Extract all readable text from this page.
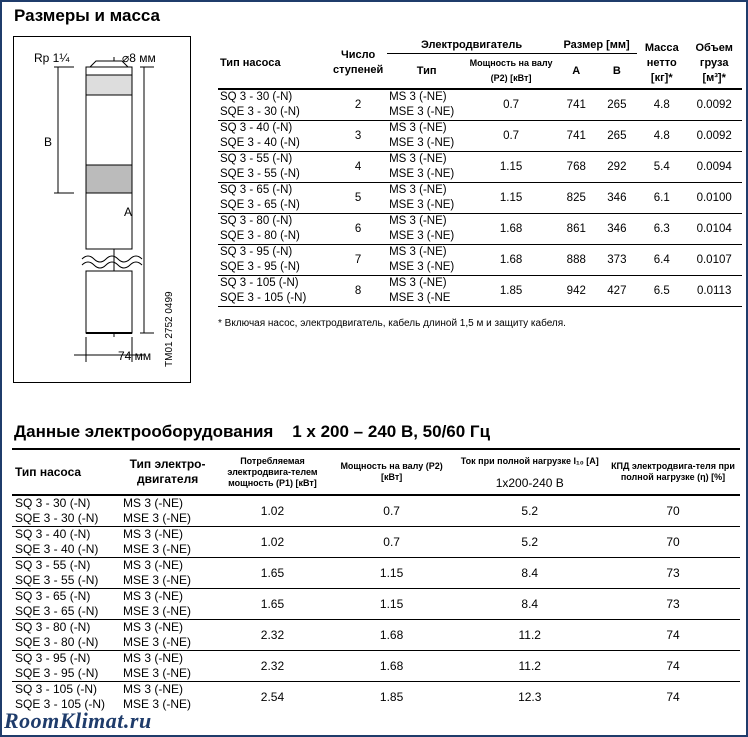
Размеры и масса
Rp 1¼	⌀8 мм
B
A
74 мм TM01 2752 0499
Тип насоса	Число ступеней	Электродвигатель		Размер [мм]		Масса нетто [кг]*	Объем груза [м³]*
		Тип	Мощность на валу (P2) [кВт]	A	B		
SQ 3 - 30 (-N)
SQE 3 - 30 (-N)	2	MS 3 (-NE)
MSE 3 (-NE)	0.7	741	265	4.8	0.0092
SQ 3 - 40 (-N)
SQE 3 - 40 (-N)	3	MS 3 (-NE)
MSE 3 (-NE)	0.7	741	265	4.8	0.0092
SQ 3 - 55 (-N)
SQE 3 - 55 (-N)	4	MS 3 (-NE)
MSE 3 (-NE)	1.15	768	292	5.4	0.0094
SQ 3 - 65 (-N)
SQE 3 - 65 (-N)	5	MS 3 (-NE)
MSE 3 (-NE)	1.15	825	346	6.1	0.0100
SQ 3 - 80 (-N)
SQE 3 - 80 (-N)	6	MS 3 (-NE)
MSE 3 (-NE)	1.68	861	346	6.3	0.0104
SQ 3 - 95 (-N)
SQE 3 - 95 (-N)	7	MS 3 (-NE)
MSE 3 (-NE)	1.68	888	373	6.4	0.0107
SQ 3 - 105 (-N)
SQE 3 - 105 (-N)	8	MS 3 (-NE)
MSE 3 (-NE	1.85	942	427	6.5	0.0113
* Включая насос, электродвигатель, кабель длиной 1,5 м и защиту кабеля.
Данные электрооборудования    1 х 200 – 240 В, 50/60 Гц
Тип насоса	Тип электро-двигателя	Потребляемая электродвига-телем мощность (P1) [кВт]	Мощность на валу (P2) [кВт]	Ток при полной нагрузке I₁₀ [A]	КПД электродвига-теля при полной нагрузке (η) [%]
				1x200-240 В	
SQ 3 - 30 (-N)
SQE 3 - 30 (-N)	MS 3 (-NE)
MSE 3 (-NE)	1.02	0.7	5.2	70
SQ 3 - 40 (-N)
SQE 3 - 40 (-N)	MS 3 (-NE)
MSE 3 (-NE)	1.02	0.7	5.2	70
SQ 3 - 55 (-N)
SQE 3 - 55 (-N)	MS 3 (-NE)
MSE 3 (-NE)	1.65	1.15	8.4	73
SQ 3 - 65 (-N)
SQE 3 - 65 (-N)	MS 3 (-NE)
MSE 3 (-NE)	1.65	1.15	8.4	73
SQ 3 - 80 (-N)
SQE 3 - 80 (-N)	MS 3 (-NE)
MSE 3 (-NE)	2.32	1.68	11.2	74
SQ 3 - 95 (-N)
SQE 3 - 95 (-N)	MS 3 (-NE)
MSE 3 (-NE)	2.32	1.68	11.2	74
SQ 3 - 105 (-N)
SQE 3 - 105 (-N)	MS 3 (-NE)
MSE 3 (-NE)	2.54	1.85	12.3	74
RoomKlimat.ru
